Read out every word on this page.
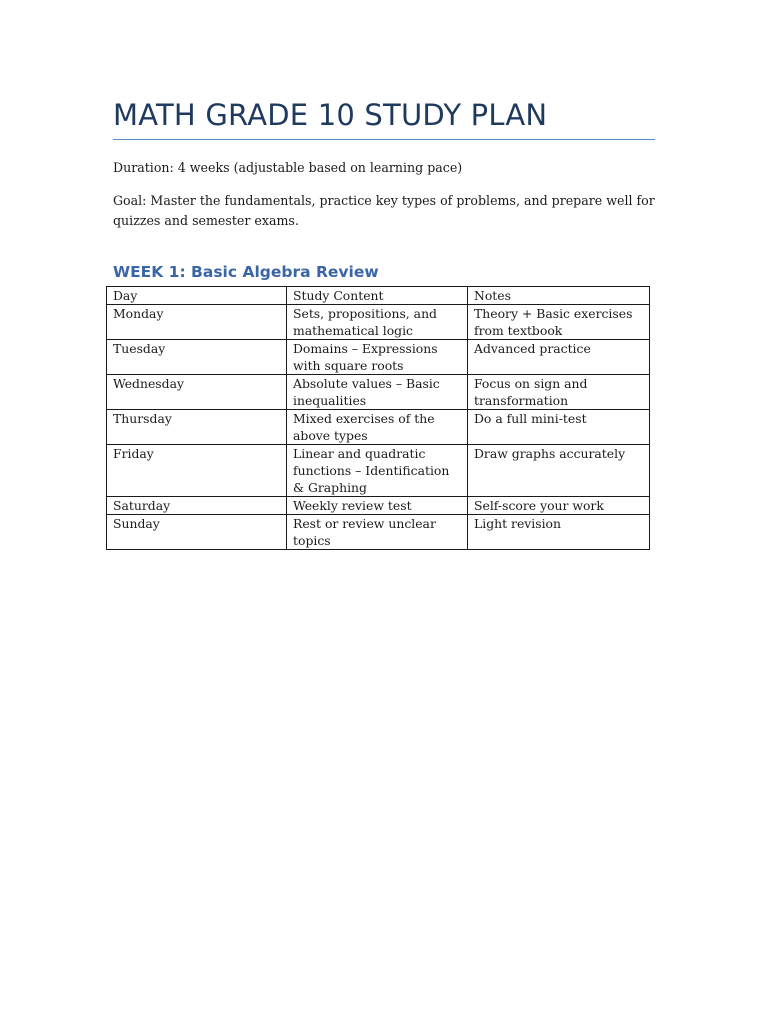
MATH GRADE 10 STUDY PLAN

Duration: 4 weeks (adjustable based on learning pace)

Goal: Master the fundamentals, practice key types of problems, and prepare well for quizzes and semester exams.

WEEK 1: Basic Algebra Review
Day	Study Content	Notes
Monday	Sets, propositions, and mathematical logic	Theory + Basic exercises from textbook
Tuesday	Domains – Expressions with square roots	Advanced practice
Wednesday	Absolute values – Basic inequalities	Focus on sign and transformation
Thursday	Mixed exercises of the above types	Do a full mini-test
Friday	Linear and quadratic functions – Identification & Graphing	Draw graphs accurately
Saturday	Weekly review test	Self-score your work
Sunday	Rest or review unclear topics	Light revision
